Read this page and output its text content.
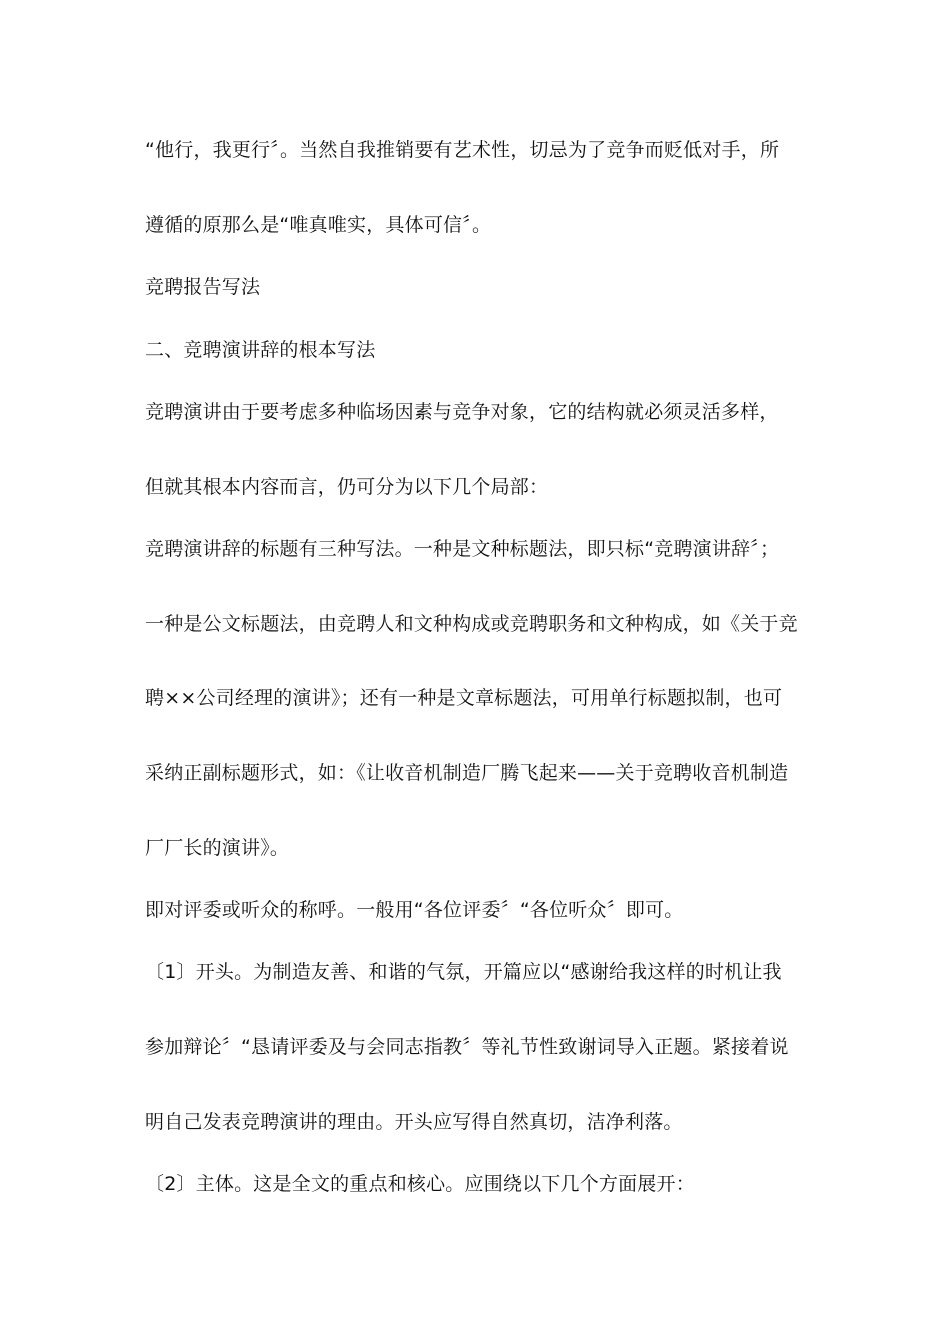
“他行，我更行〞。当然自我推销要有艺术性，切忌为了竞争而贬低对手，所
遵循的原那么是“唯真唯实，具体可信〞。
竞聘报告写法
二、竞聘演讲辞的根本写法
竞聘演讲由于要考虑多种临场因素与竞争对象，它的结构就必须灵活多样，
但就其根本内容而言，仍可分为以下几个局部：
竞聘演讲辞的标题有三种写法。一种是文种标题法，即只标“竞聘演讲辞〞；
一种是公文标题法，由竞聘人和文种构成或竞聘职务和文种构成，如《关于竞
聘××公司经理的演讲》；还有一种是文章标题法，可用单行标题拟制，也可
采纳正副标题形式，如：《让收音机制造厂腾飞起来——关于竞聘收音机制造
厂厂长的演讲》。
即对评委或听众的称呼。一般用“各位评委〞“各位听众〞即可。
〔1〕开头。为制造友善、和谐的气氛，开篇应以“感谢给我这样的时机让我
参加辩论〞“恳请评委及与会同志指教〞等礼节性致谢词导入正题。紧接着说
明自己发表竞聘演讲的理由。开头应写得自然真切，洁净利落。
〔2〕主体。这是全文的重点和核心。应围绕以下几个方面展开：
